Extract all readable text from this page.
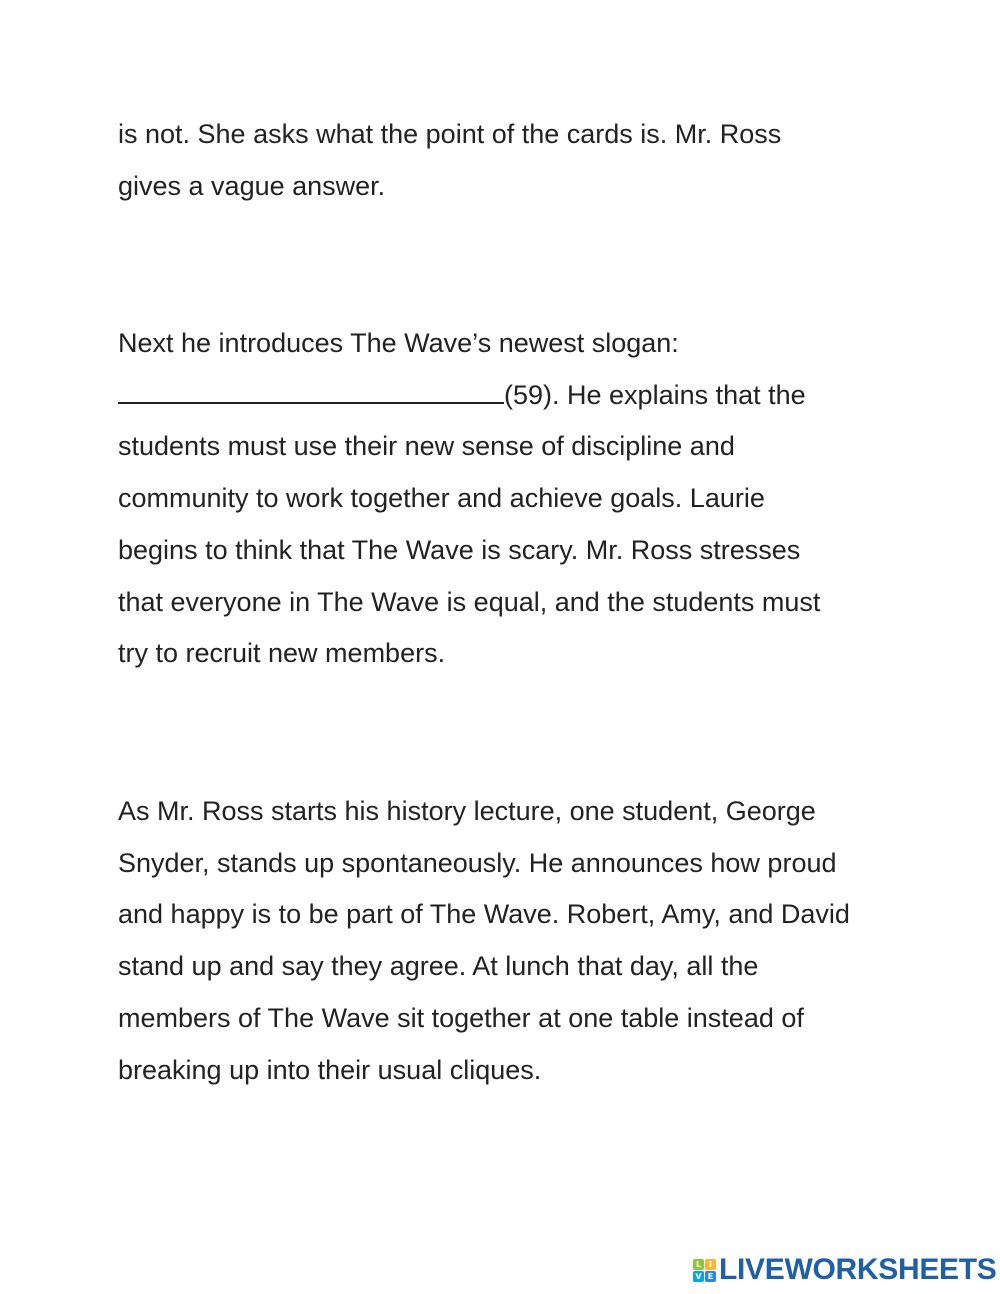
is not. She asks what the point of the cards is. Mr. Ross
gives a vague answer.

Next he introduces The Wave’s newest slogan:
(59). He explains that the
students must use their new sense of discipline and
community to work together and achieve goals. Laurie
begins to think that The Wave is scary. Mr. Ross stresses
that everyone in The Wave is equal, and the students must
try to recruit new members.

As Mr. Ross starts his history lecture, one student, George
Snyder, stands up spontaneously. He announces how proud
and happy is to be part of The Wave. Robert, Amy, and David
stand up and say they agree. At lunch that day, all the
members of The Wave sit together at one table instead of
breaking up into their usual cliques.

L I
V E LIVEWORKSHEETS
